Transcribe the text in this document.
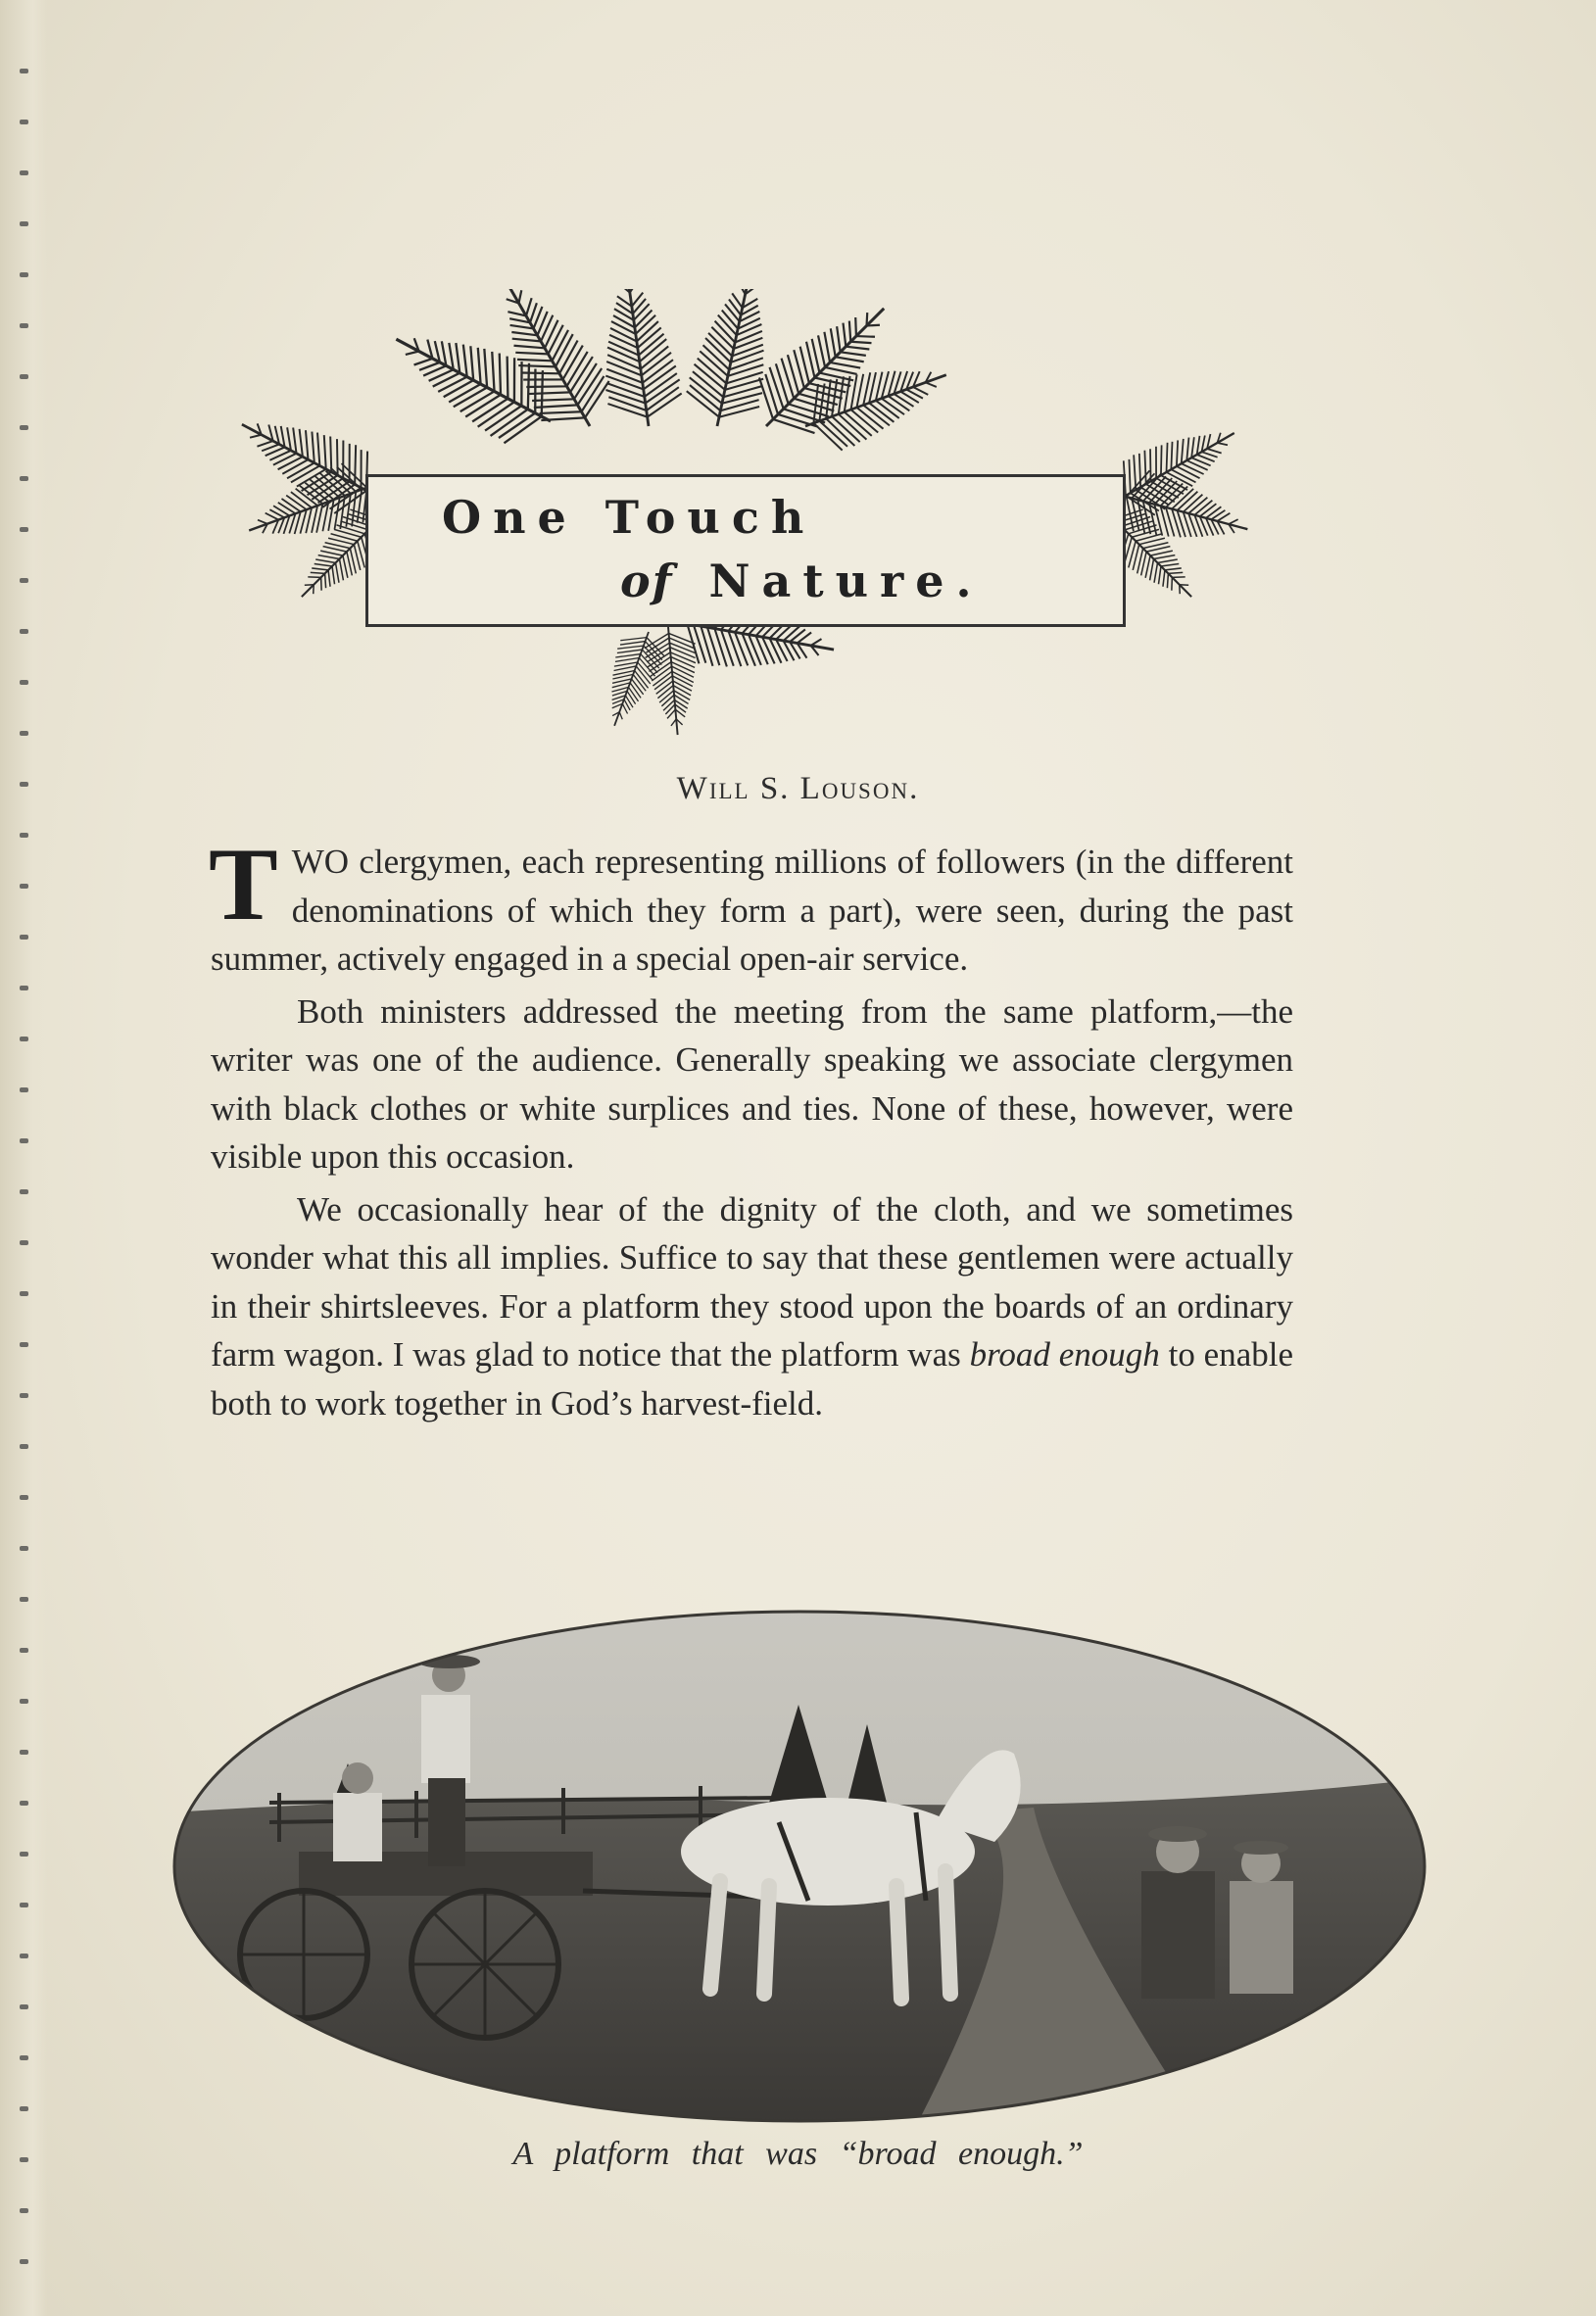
One Touch
of Nature.
Will S. Louson.

TWO clergymen, each representing millions of followers (in the different denominations of which they form a part), were seen, during the past summer, actively engaged in a special open-air service.

Both ministers addressed the meeting from the same platform,—the writer was one of the audience. Generally speaking we associate clergymen with black clothes or white surplices and ties. None of these, however, were visible upon this occasion.

We occasionally hear of the dignity of the cloth, and we sometimes wonder what this all implies. Suffice to say that these gentlemen were actually in their shirtsleeves. For a platform they stood upon the boards of an ordinary farm wagon. I was glad to notice that the platform was broad enough to enable both to work together in God’s harvest-field.

A platform that was “broad enough.”
